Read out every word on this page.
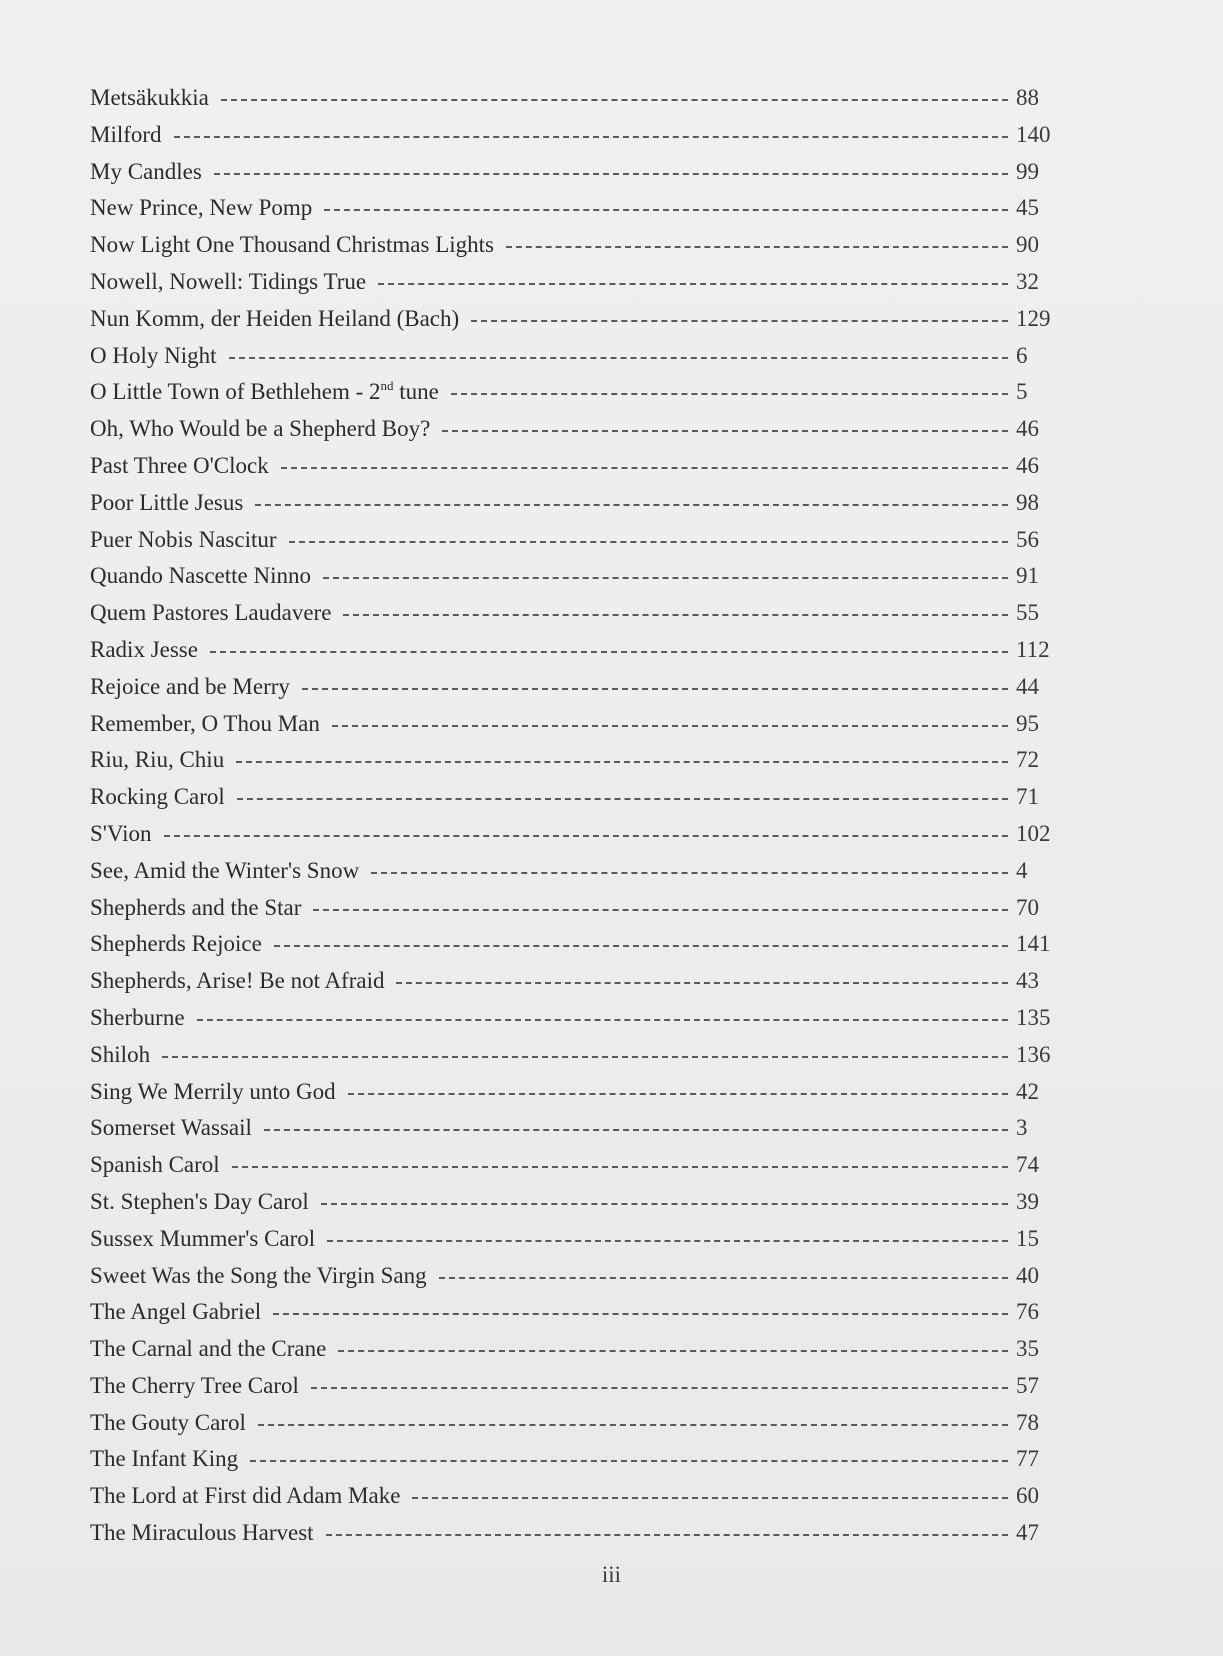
Metsäkukkia	88
Milford	140
My Candles	99
New Prince, New Pomp	45
Now Light One Thousand Christmas Lights	90
Nowell, Nowell: Tidings True	32
Nun Komm, der Heiden Heiland (Bach)	129
O Holy Night	6
O Little Town of Bethlehem - 2nd tune	5
Oh, Who Would be a Shepherd Boy?	46
Past Three O'Clock	46
Poor Little Jesus	98
Puer Nobis Nascitur	56
Quando Nascette Ninno	91
Quem Pastores Laudavere	55
Radix Jesse	112
Rejoice and be Merry	44
Remember, O Thou Man	95
Riu, Riu, Chiu	72
Rocking Carol	71
S'Vion	102
See, Amid the Winter's Snow	4
Shepherds and the Star	70
Shepherds Rejoice	141
Shepherds, Arise! Be not Afraid	43
Sherburne	135
Shiloh	136
Sing We Merrily unto God	42
Somerset Wassail	3
Spanish Carol	74
St. Stephen's Day Carol	39
Sussex Mummer's Carol	15
Sweet Was the Song the Virgin Sang	40
The Angel Gabriel	76
The Carnal and the Crane	35
The Cherry Tree Carol	57
The Gouty Carol	78
The Infant King	77
The Lord at First did Adam Make	60
The Miraculous Harvest	47
iii
